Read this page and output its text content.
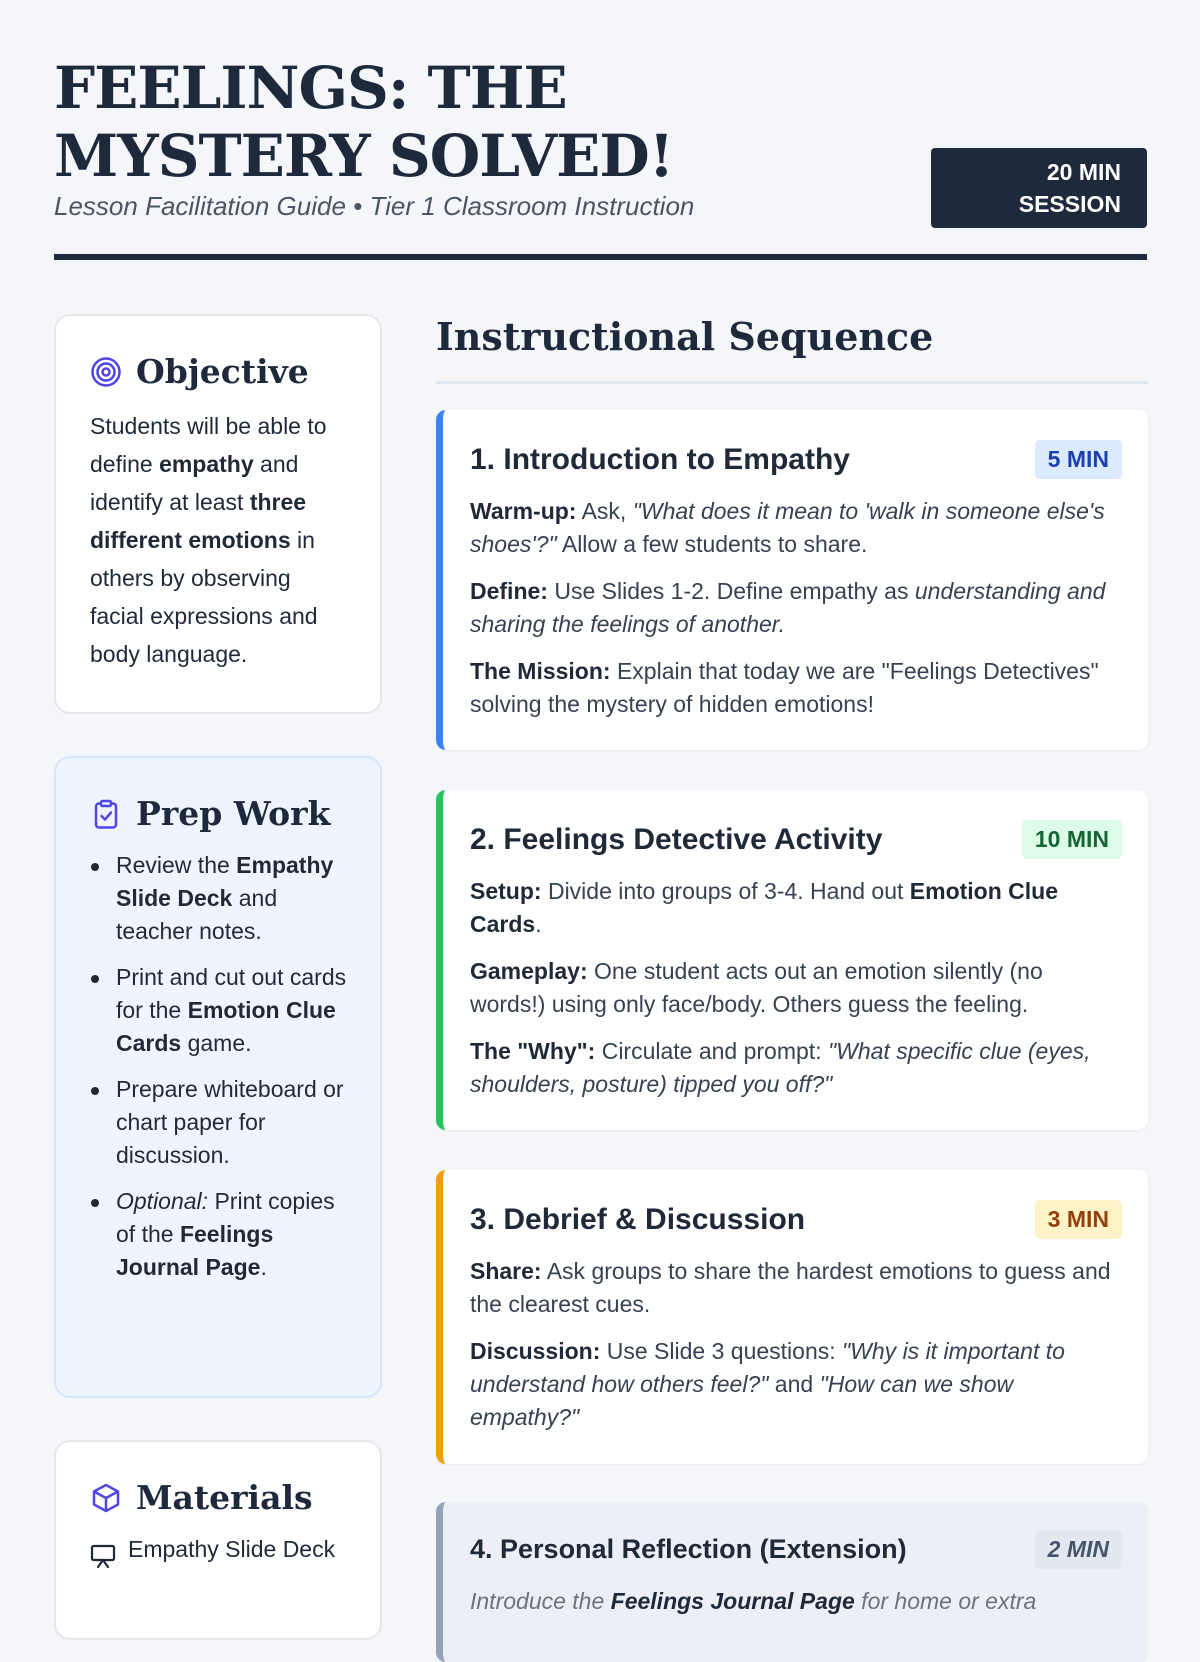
FEELINGS: THE MYSTERY SOLVED!
Lesson Facilitation Guide • Tier 1 Classroom Instruction
20 MIN
SESSION
Objective
Students will be able to define empathy and identify at least three different emotions in others by observing facial expressions and body language.
Prep Work
Review the Empathy Slide Deck and teacher notes.
Print and cut out cards for the Emotion Clue Cards game.
Prepare whiteboard or chart paper for discussion.
Optional: Print copies of the Feelings Journal Page.
Materials
Empathy Slide Deck
Instructional Sequence
1. Introduction to Empathy	5 MIN

Warm-up: Ask, "What does it mean to 'walk in someone else's shoes'?" Allow a few students to share.

Define: Use Slides 1-2. Define empathy as understanding and sharing the feelings of another.

The Mission: Explain that today we are "Feelings Detectives" solving the mystery of hidden emotions!

2. Feelings Detective Activity	10 MIN

Setup: Divide into groups of 3-4. Hand out Emotion Clue Cards.

Gameplay: One student acts out an emotion silently (no words!) using only face/body. Others guess the feeling.

The "Why": Circulate and prompt: "What specific clue (eyes, shoulders, posture) tipped you off?"

3. Debrief & Discussion	3 MIN

Share: Ask groups to share the hardest emotions to guess and the clearest cues.

Discussion: Use Slide 3 questions: "Why is it important to understand how others feel?" and "How can we show empathy?"

4. Personal Reflection (Extension)	2 MIN

Introduce the Feelings Journal Page for home or extra
